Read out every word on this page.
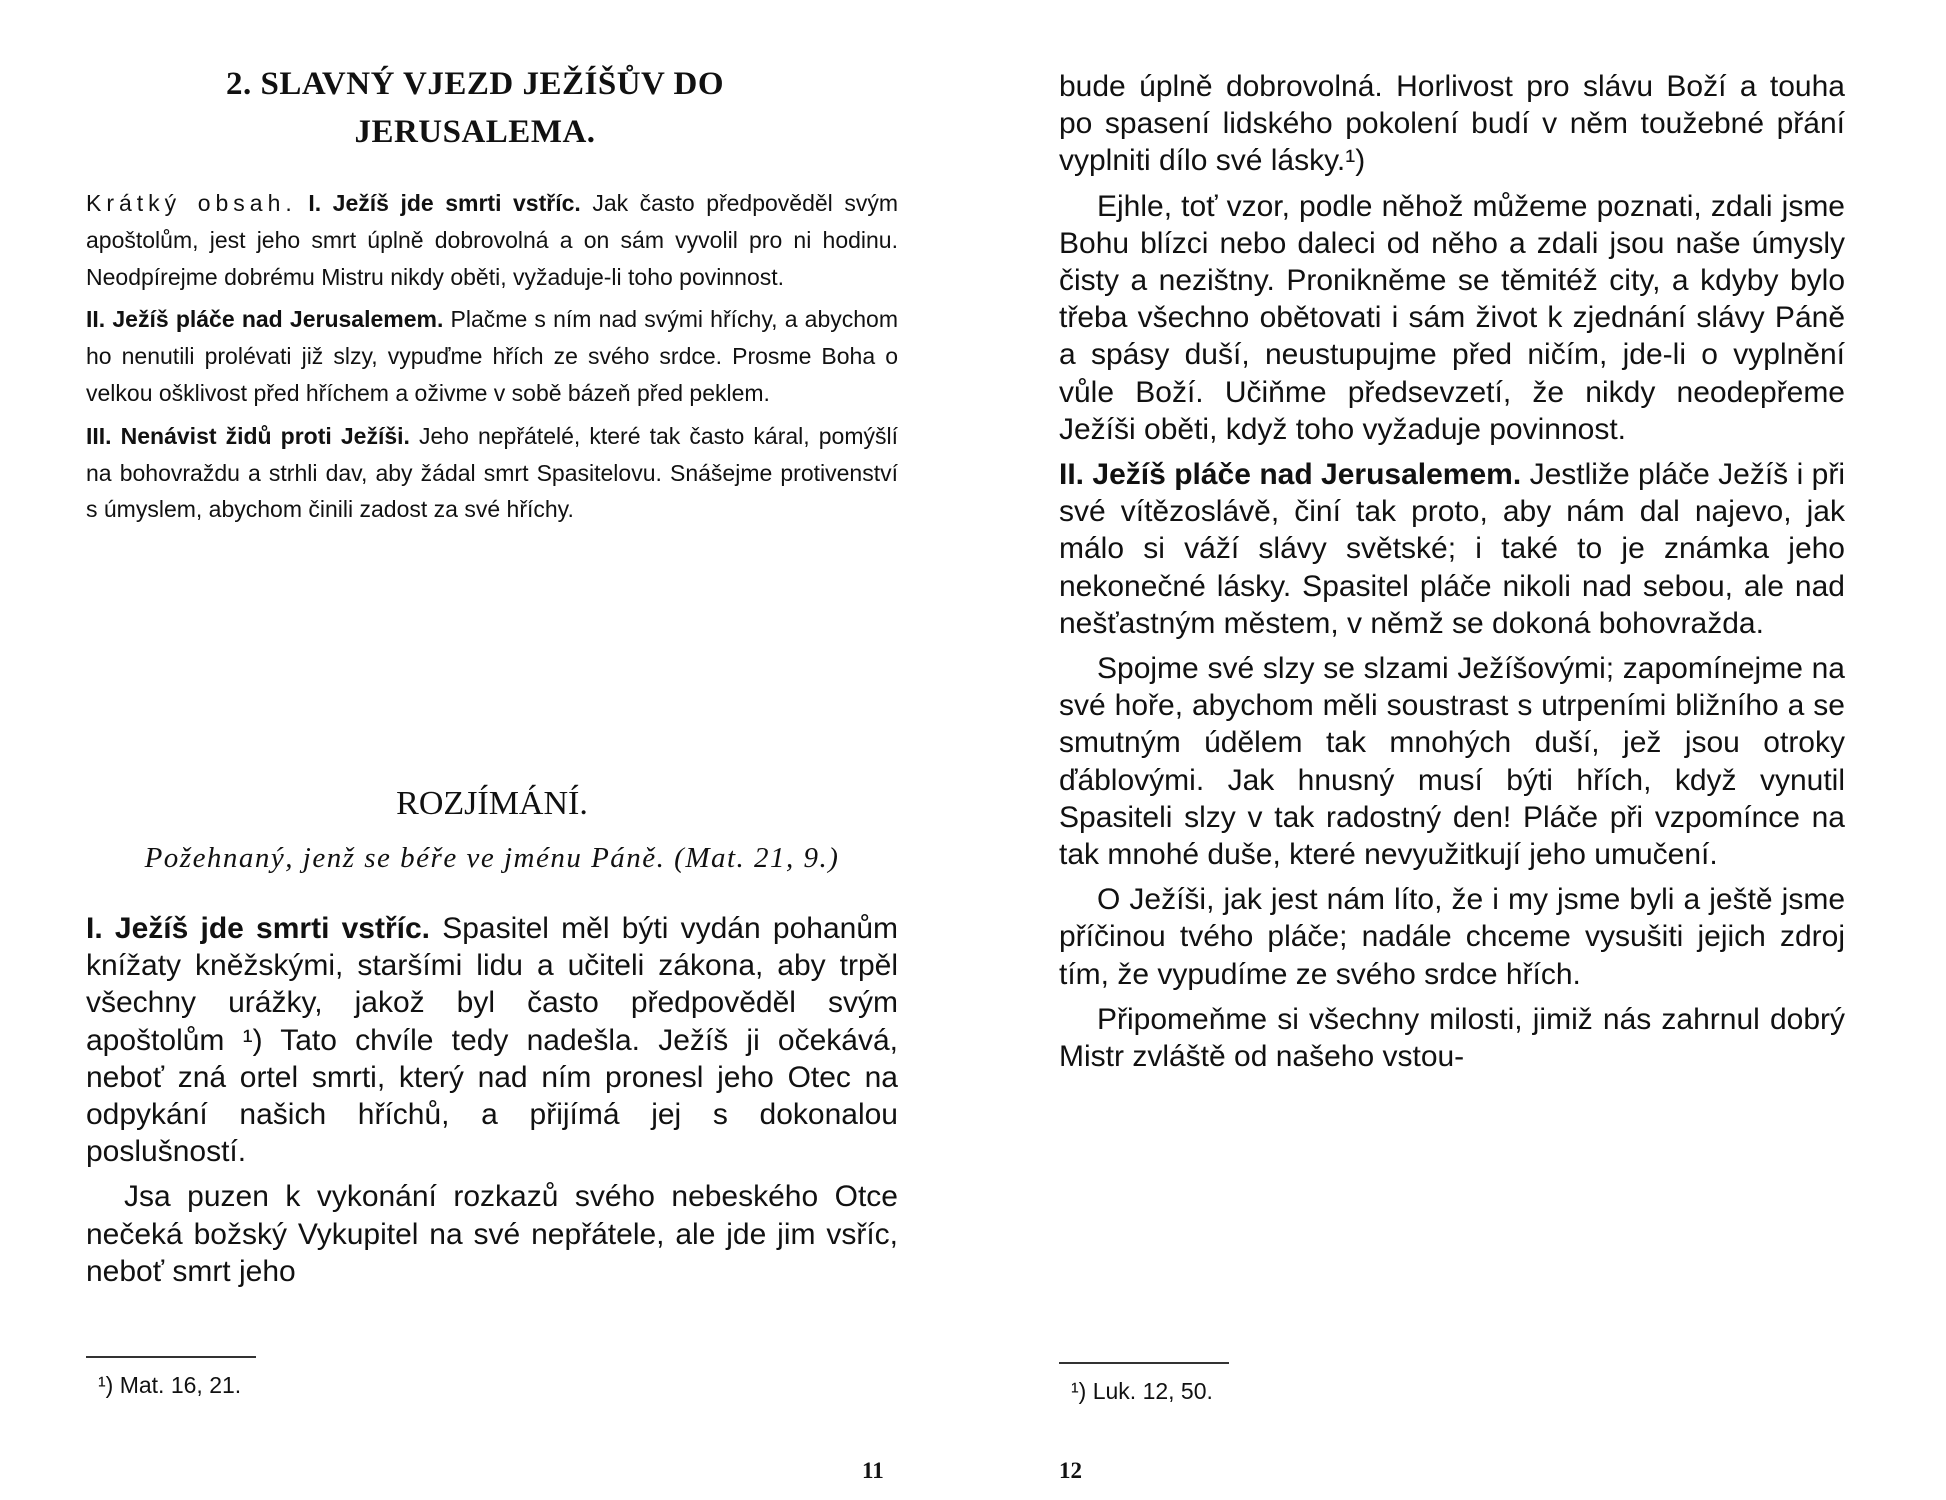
2. SLAVNÝ VJEZD JEŽÍŠŮV DO
JERUSALEMA.

Krátký obsah. I. Ježíš jde smrti vstříc. Jak často předpověděl svým apoštolům, jest jeho smrt úplně dobrovolná a on sám vyvolil pro ni hodinu. Neodpírejme dobrému Mistru nikdy oběti, vyžaduje-li toho povinnost.

II. Ježíš pláče nad Jerusalemem. Plačme s ním nad svými hříchy, a abychom ho nenutili prolévati již slzy, vypuďme hřích ze svého srdce. Prosme Boha o velkou ošklivost před hříchem a oživme v sobě bázeň před peklem.

III. Nenávist židů proti Ježíši. Jeho nepřátelé, které tak často káral, pomýšlí na bohovraždu a strhli dav, aby žádal smrt Spasitelovu. Snášejme protivenství s úmyslem, abychom činili zadost za své hříchy.

ROZJÍMÁNÍ.
Požehnaný, jenž se béře ve jménu Páně. (Mat. 21, 9.)

I. Ježíš jde smrti vstříc. Spasitel měl býti vydán pohanům knížaty kněžskými, staršími lidu a učiteli zákona, aby trpěl všechny urážky, jakož byl často předpověděl svým apoštolům ¹) Tato chvíle tedy nadešla. Ježíš ji očekává, neboť zná ortel smrti, který nad ním pronesl jeho Otec na odpykání našich hříchů, a přijímá jej s dokonalou poslušností.

Jsa puzen k vykonání rozkazů svého nebeského Otce nečeká božský Vykupitel na své nepřátele, ale jde jim vsříc, neboť smrt jeho

¹) Mat. 16, 21.
11

bude úplně dobrovolná. Horlivost pro slávu Boží a touha po spasení lidského pokolení budí v něm toužebné přání vyplniti dílo své lásky.¹)

Ejhle, toť vzor, podle něhož můžeme poznati, zdali jsme Bohu blízci nebo daleci od něho a zdali jsou naše úmysly čisty a nezištny. Pronikněme se těmitéž city, a kdyby bylo třeba všechno obětovati i sám život k zjednání slávy Páně a spásy duší, neustupujme před ničím, jde-li o vyplnění vůle Boží. Učiňme předsevzetí, že nikdy neodepřeme Ježíši oběti, když toho vyžaduje povinnost.

II. Ježíš pláče nad Jerusalemem. Jestliže pláče Ježíš i při své vítězoslávě, činí tak proto, aby nám dal najevo, jak málo si váží slávy světské; i také to je známka jeho nekonečné lásky. Spasitel pláče nikoli nad sebou, ale nad nešťastným městem, v němž se dokoná bohovražda.

Spojme své slzy se slzami Ježíšovými; zapomínejme na své hoře, abychom měli soustrast s utrpeními bližního a se smutným údělem tak mnohých duší, jež jsou otroky ďáblovými. Jak hnusný musí býti hřích, když vynutil Spasiteli slzy v tak radostný den! Pláče při vzpomínce na tak mnohé duše, které nevyužitkují jeho umučení.

O Ježíši, jak jest nám líto, že i my jsme byli a ještě jsme příčinou tvého pláče; nadále chceme vysušiti jejich zdroj tím, že vypudíme ze svého srdce hřích.

Připomeňme si všechny milosti, jimiž nás zahrnul dobrý Mistr zvláště od našeho vstou-

¹) Luk. 12, 50.
12
